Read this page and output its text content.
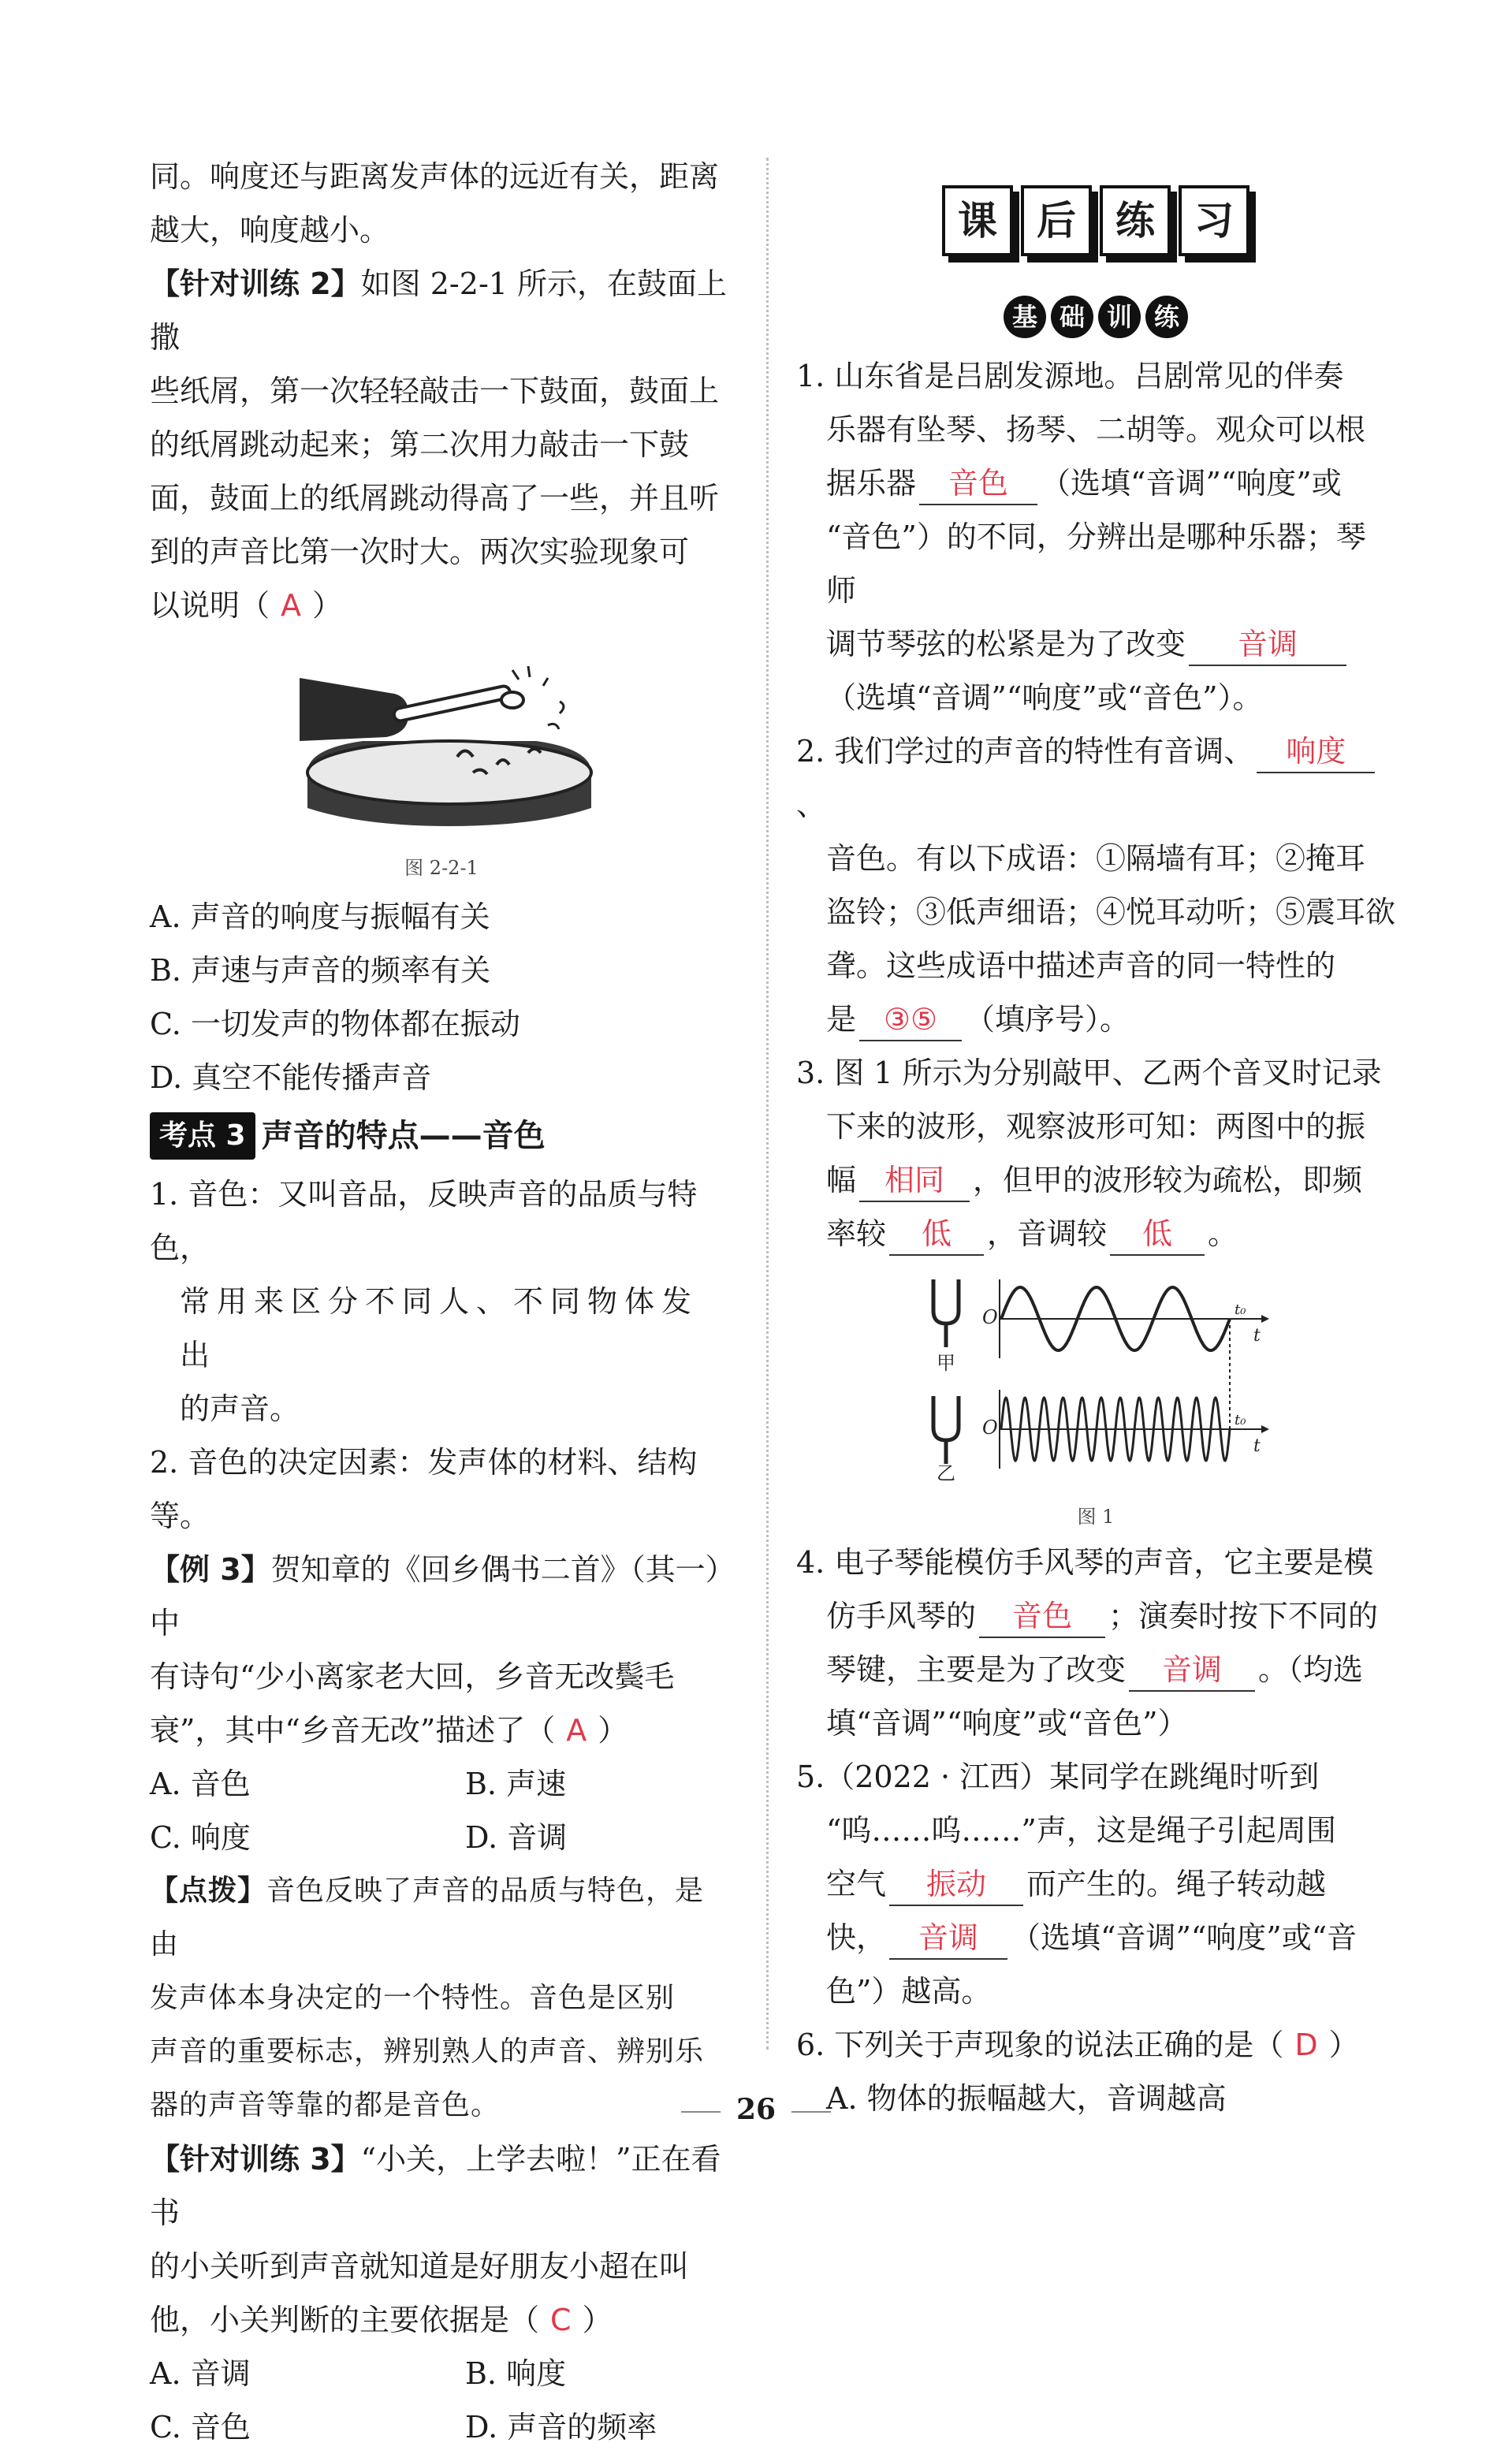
同。响度还与距离发声体的远近有关，距离

越大，响度越小。

【针对训练 2】如图 2-2-1 所示，在鼓面上撒

些纸屑，第一次轻轻敲击一下鼓面，鼓面上

的纸屑跳动起来；第二次用力敲击一下鼓

面，鼓面上的纸屑跳动得高了一些，并且听

到的声音比第一次时大。两次实验现象可

以说明（ A ）

图 2-2-1

A. 声音的响度与振幅有关

B. 声速与声音的频率有关

C. 一切发声的物体都在振动

D. 真空不能传播声音

考点 3 声音的特点——音色

1. 音色：又叫音品，反映声音的品质与特色，

常用来区分不同人、不同物体发出

的声音。

2. 音色的决定因素：发声体的材料、结构等。

【例 3】贺知章的《回乡偶书二首》（其一）中

有诗句“少小离家老大回，乡音无改鬓毛

衰”，其中“乡音无改”描述了（ A ）

A. 音色	B. 声速
C. 响度	D. 音调

【点拨】音色反映了声音的品质与特色，是由

发声体本身决定的一个特性。音色是区别

声音的重要标志，辨别熟人的声音、辨别乐

器的声音等靠的都是音色。

【针对训练 3】“小关，上学去啦！”正在看书

的小关听到声音就知道是好朋友小超在叫

他，小关判断的主要依据是（ C ）

A. 音调	B. 响度
C. 音色	D. 声音的频率
课	后	练	习
基 础 训 练

1. 山东省是吕剧发源地。吕剧常见的伴奏

乐器有坠琴、扬琴、二胡等。观众可以根

据乐器 音色 （选填“音调”“响度”或

“音色”）的不同，分辨出是哪种乐器；琴师

调节琴弦的松紧是为了改变 音调

（选填“音调”“响度”或“音色”）。

2. 我们学过的声音的特性有音调、 响度、

音色。有以下成语：①隔墙有耳；②掩耳

盗铃；③低声细语；④悦耳动听；⑤震耳欲

聋。这些成语中描述声音的同一特性的

是 ③⑤ （填序号）。

3. 图 1 所示为分别敲甲、乙两个音叉时记录

下来的波形，观察波形可知：两图中的振

幅 相同 ，但甲的波形较为疏松，即频

率较 低 ，音调较 低 。

甲
乙
O
t
t₀
O
t
t₀
图 1

4. 电子琴能模仿手风琴的声音，它主要是模

仿手风琴的 音色 ；演奏时按下不同的

琴键，主要是为了改变 音调 。（均选

填“音调”“响度”或“音色”）

5.（2022 · 江西）某同学在跳绳时听到

“呜……呜……”声，这是绳子引起周围

空气 振动 而产生的。绳子转动越

快， 音调 （选填“音调”“响度”或“音

色”）越高。

6. 下列关于声现象的说法正确的是（ D ）

A. 物体的振幅越大，音调越高

26
